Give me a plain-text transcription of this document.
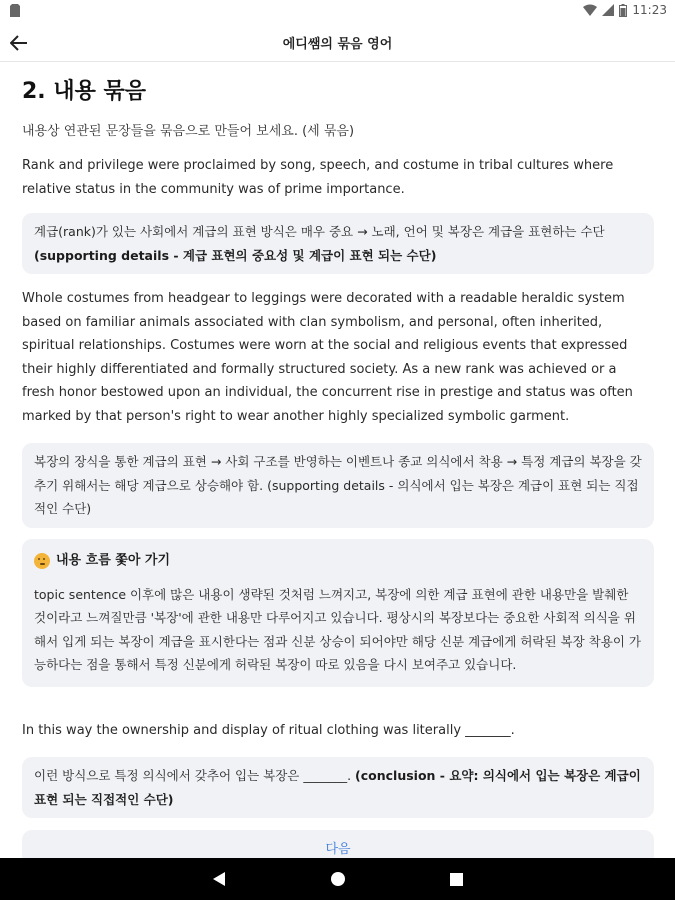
11:23
에디쌤의 묶음 영어
2. 내용 묶음
내용상 연관된 문장들을 묶음으로 만들어 보세요. (세 묶음)
Rank and privilege were proclaimed by song, speech, and costume in tribal cultures where relative status in the community was of prime importance.
계급(rank)가 있는 사회에서 계급의 표현 방식은 매우 중요 → 노래, 언어 및 복장은 계급을 표현하는 수단 (supporting details - 계급 표현의 중요성 및 계급이 표현 되는 수단)
Whole costumes from headgear to leggings were decorated with a readable heraldic system based on familiar animals associated with clan symbolism, and personal, often inherited, spiritual relationships. Costumes were worn at the social and religious events that expressed their highly differentiated and formally structured society. As a new rank was achieved or a fresh honor bestowed upon an individual, the concurrent rise in prestige and status was often marked by that person's right to wear another highly specialized symbolic garment.
복장의 장식을 통한 계급의 표현 → 사회 구조를 반영하는 이벤트나 종교 의식에서 착용 → 특정 계급의 복장을 갖추기 위해서는 해당 계급으로 상승해야 함. (supporting details - 의식에서 입는 복장은 계급이 표현 되는 직접적인 수단)
내용 흐름 쫓아 가기
topic sentence 이후에 많은 내용이 생략된 것처럼 느껴지고, 복장에 의한 계급 표현에 관한 내용만을 발췌한 것이라고 느껴질만큼 '복장'에 관한 내용만 다루어지고 있습니다. 평상시의 복장보다는 중요한 사회적 의식을 위해서 입게 되는 복장이 계급을 표시한다는 점과 신분 상승이 되어야만 해당 신분 계급에게 허락된 복장 착용이 가능하다는 점을 통해서 특정 신분에게 허락된 복장이 따로 있음을 다시 보여주고 있습니다.
In this way the ownership and display of ritual clothing was literally _______.
이런 방식으로 특정 의식에서 갖추어 입는 복장은 _______. (conclusion - 요약: 의식에서 입는 복장은 계급이 표현 되는 직접적인 수단)
다음
